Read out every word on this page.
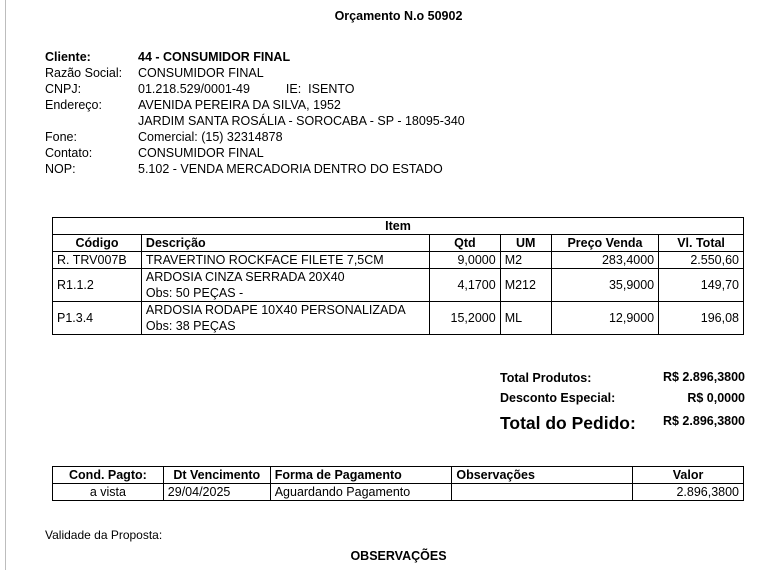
Orçamento N.o 50902
Cliente:	44 - CONSUMIDOR FINAL
Razão Social: CONSUMIDOR FINAL
CNPJ:	01.218.529/0001-49	IE: ISENTO
Endereço:	AVENIDA PEREIRA DA SILVA, 1952
JARDIM SANTA ROSÁLIA - SOROCABA - SP - 18095-340
Fone:	Comercial: (15) 32314878
Contato:	CONSUMIDOR FINAL
NOP:	5.102 - VENDA MERCADORIA DENTRO DO ESTADO
Item					
Código	Descrição	Qtd	UM	Preço Venda	Vl. Total
R. TRV007B	TRAVERTINO ROCKFACE FILETE 7,5CM	9,0000	M2	283,4000	2.550,60
R1.1.2	ARDOSIA CINZA SERRADA 20X40
Obs: 50 PEÇAS -	4,1700	M212	35,9000	149,70
P1.3.4	ARDOSIA RODAPE 10X40 PERSONALIZADA
Obs: 38 PEÇAS	15,2000	ML	12,9000	196,08
Total Produtos:	R$ 2.896,3800
Desconto Especial:	R$ 0,0000
Total do Pedido: R$ 2.896,3800
Cond. Pagto:	Dt Vencimento	Forma de Pagamento	Observações	Valor
a vista	29/04/2025	Aguardando Pagamento		2.896,3800
Validade da Proposta:
OBSERVAÇÕES
